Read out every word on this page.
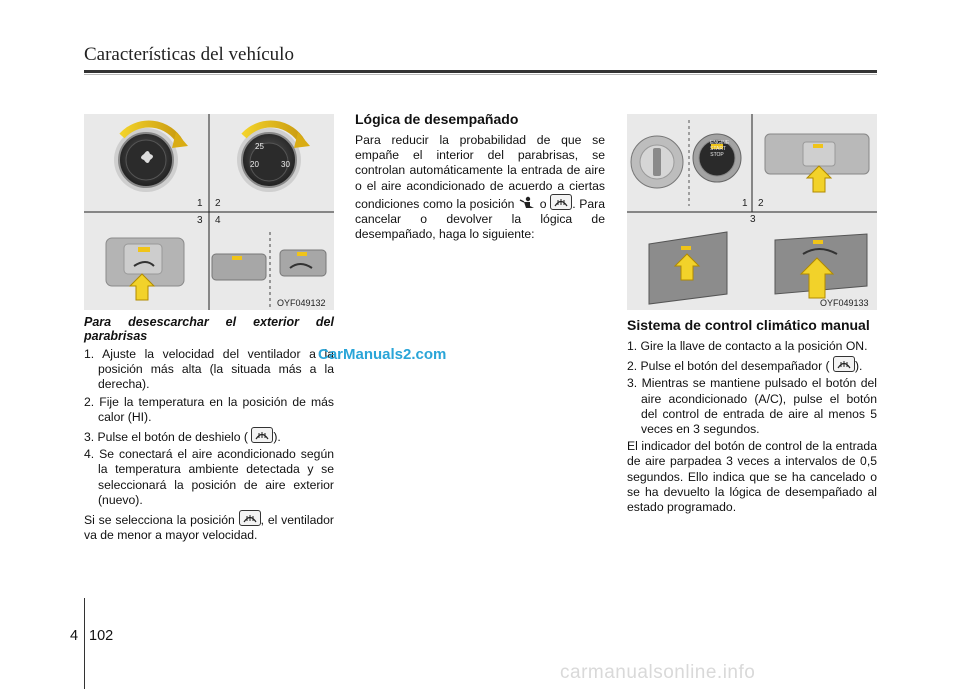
Características del vehículo
25
20	30
1 2
3 4
OYF049132
ENGINE
START
STOP
1 2
3
OYF049133
Para desescarchar el exterior del parabrisas
1. Ajuste la velocidad del ventilador a la posición más alta (la situada más a la derecha).
2. Fije la temperatura en la posición de más calor (HI).
3. Pulse el botón de deshielo ( ).
4. Se conectará el aire acondicionado según la temperatura ambiente detectada y se seleccionará la posición de aire exterior (nuevo).
Si se selecciona la posición , el ventilador va de menor a mayor velocidad.
Lógica de desempañado
Para reducir la probabilidad de que se empañe el interior del parabrisas, se controlan automáticamente la entrada de aire o el aire acondicionado de acuerdo a ciertas condiciones como la posición o . Para cancelar o devolver la lógica de desempañado, haga lo siguiente:
Sistema de control climático manual
1. Gire la llave de contacto a la posición ON.
2. Pulse el botón del desempañador ( ).
3. Mientras se mantiene pulsado el botón del aire acondicionado (A/C), pulse el botón del control de entrada de aire al menos 5 veces en 3 segundos.
El indicador del botón de control de la entrada de aire parpadea 3 veces a intervalos de 0,5 segundos. Ello indica que se ha cancelado o se ha devuelto la lógica de desempañado al estado programado.
CarManuals2.com
4 102
carmanualsonline.info
